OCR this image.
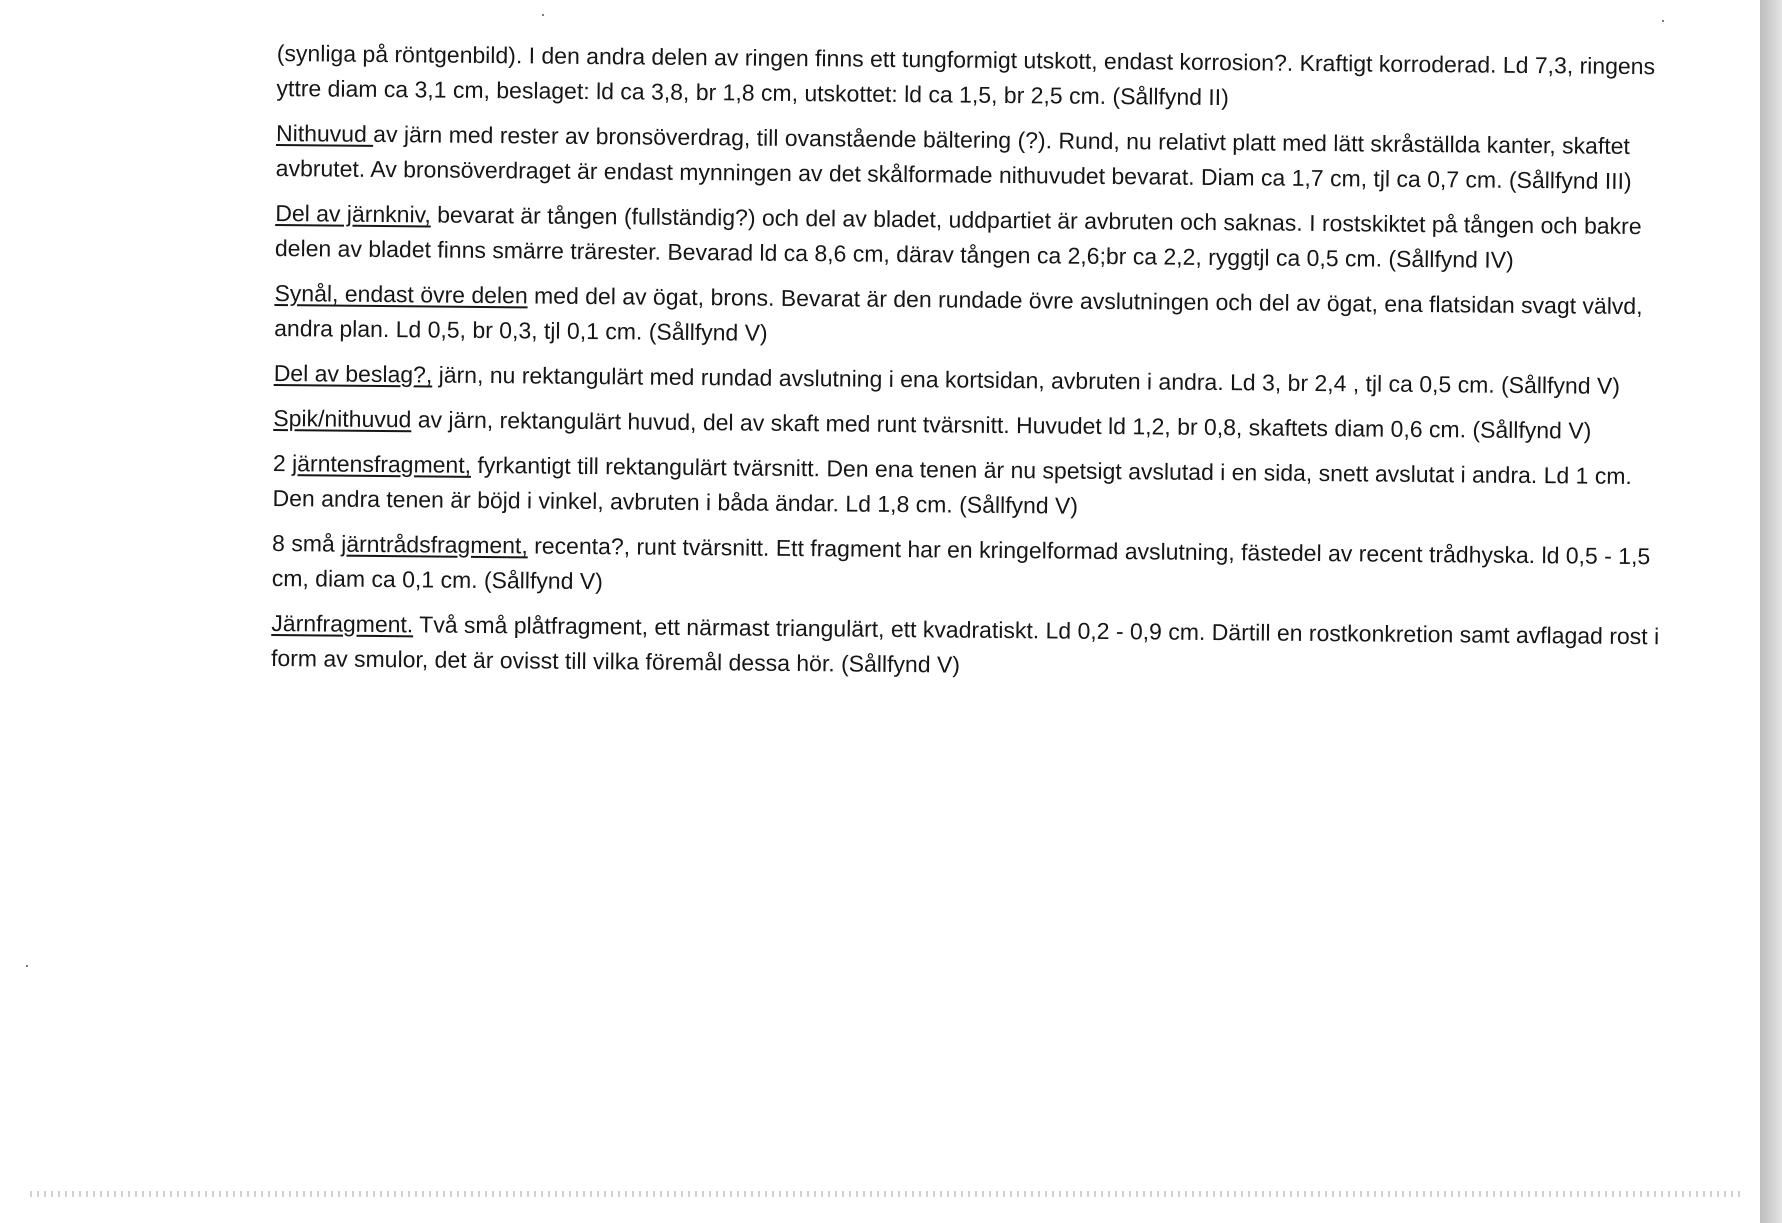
(synliga på röntgenbild). I den andra delen av ringen finns ett tungformigt utskott, endast korrosion?. Kraftigt korroderad. Ld 7,3, ringens yttre diam ca 3,1 cm, beslaget: ld ca 3,8, br 1,8 cm, utskottet: ld ca 1,5, br 2,5 cm. (Sållfynd II)

Nithuvud av järn med rester av bronsöverdrag, till ovanstående bältering (?). Rund, nu relativt platt med lätt skråställda kanter, skaftet avbrutet. Av bronsöverdraget är endast mynningen av det skålformade nithuvudet bevarat. Diam ca 1,7 cm, tjl ca 0,7 cm. (Sållfynd III)

Del av järnkniv, bevarat är tången (fullständig?) och del av bladet, uddpartiet är avbruten och saknas. I rostskiktet på tången och bakre delen av bladet finns smärre trärester. Bevarad ld ca 8,6 cm, därav tången ca 2,6;br ca 2,2, ryggtjl ca 0,5 cm. (Sållfynd IV)

Synål, endast övre delen med del av ögat, brons. Bevarat är den rundade övre avslutningen och del av ögat, ena flatsidan svagt välvd, andra plan. Ld 0,5, br 0,3, tjl 0,1 cm. (Sållfynd V)

Del av beslag?, järn, nu rektangulärt med rundad avslutning i ena kortsidan, avbruten i andra. Ld 3, br 2,4 , tjl ca 0,5 cm. (Sållfynd V)

Spik/nithuvud av järn, rektangulärt huvud, del av skaft med runt tvärsnitt. Huvudet ld 1,2, br 0,8, skaftets diam 0,6 cm. (Sållfynd V)

2 järntensfragment, fyrkantigt till rektangulärt tvärsnitt. Den ena tenen är nu spetsigt avslutad i en sida, snett avslutat i andra. Ld 1 cm. Den andra tenen är böjd i vinkel, avbruten i båda ändar. Ld 1,8 cm. (Sållfynd V)

8 små järntrådsfragment, recenta?, runt tvärsnitt. Ett fragment har en kringelformad avslutning, fästedel av recent trådhyska. ld 0,5 - 1,5 cm, diam ca 0,1 cm. (Sållfynd V)

Järnfragment. Två små plåtfragment, ett närmast triangulärt, ett kvadratiskt. Ld 0,2 - 0,9 cm. Därtill en rostkonkretion samt avflagad rost i form av smulor, det är ovisst till vilka föremål dessa hör. (Sållfynd V)
